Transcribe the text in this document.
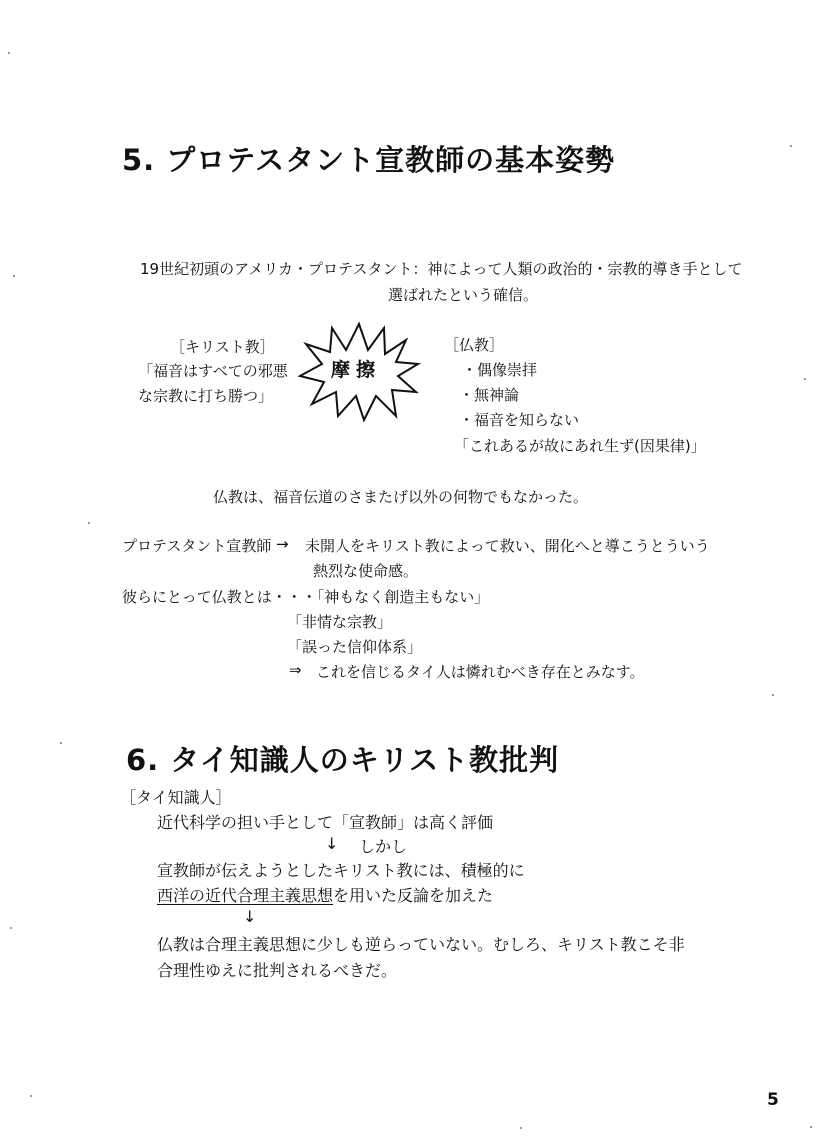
5. プロテスタント宣教師の基本姿勢
19世紀初頭のアメリカ・プロテスタント：神によって人類の政治的・宗教的導き手として
選ばれたという確信。
［キリスト教］
「福音はすべての邪悪
な宗教に打ち勝つ」
摩擦
［仏教］
・偶像崇拝
・無神論
・福音を知らない
「これあるが故にあれ生ず(因果律)」
仏教は、福音伝道のさまたげ以外の何物でもなかった。
プロテスタント宣教師 → 未開人をキリスト教によって救い、開化へと導こうとういう
熱烈な使命感。
彼らにとって仏教とは・・・「神もなく創造主もない」
「非情な宗教」
「誤った信仰体系」
⇒ これを信じるタイ人は憐れむべき存在とみなす。
6. タイ知識人のキリスト教批判
［タイ知識人］
近代科学の担い手として「宣教師」は高く評価
↓ しかし
宣教師が伝えようとしたキリスト教には、積極的に
西洋の近代合理主義思想を用いた反論を加えた
↓
仏教は合理主義思想に少しも逆らっていない。むしろ、キリスト教こそ非
合理性ゆえに批判されるべきだ。
5
